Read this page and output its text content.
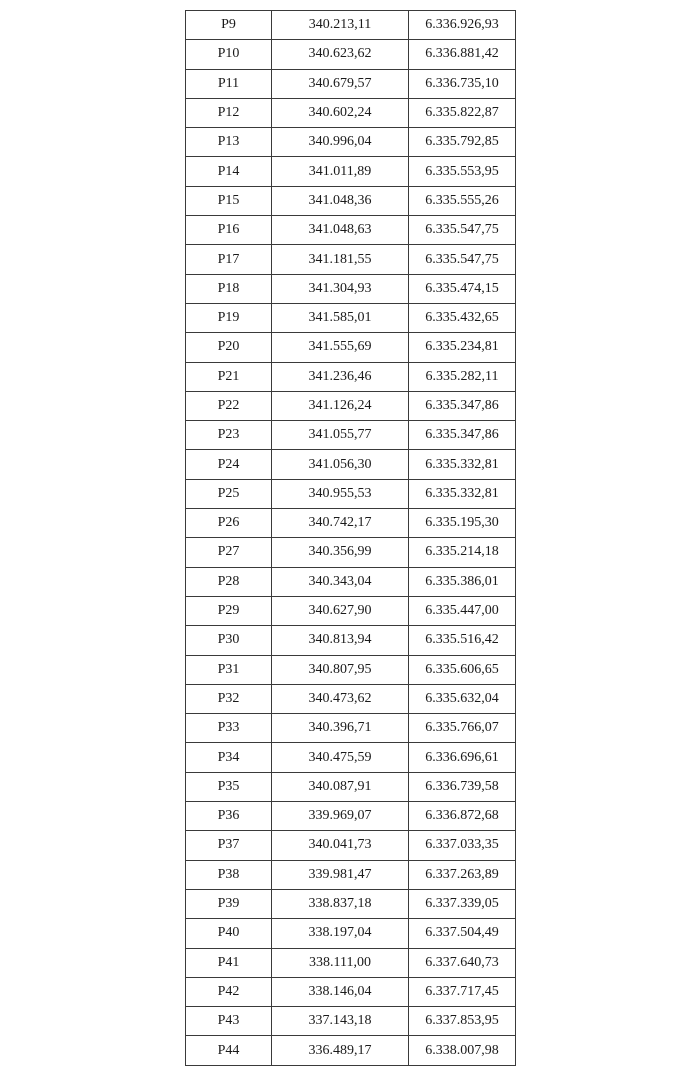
P9	340.213,11	6.336.926,93
P10	340.623,62	6.336.881,42
P11	340.679,57	6.336.735,10
P12	340.602,24	6.335.822,87
P13	340.996,04	6.335.792,85
P14	341.011,89	6.335.553,95
P15	341.048,36	6.335.555,26
P16	341.048,63	6.335.547,75
P17	341.181,55	6.335.547,75
P18	341.304,93	6.335.474,15
P19	341.585,01	6.335.432,65
P20	341.555,69	6.335.234,81
P21	341.236,46	6.335.282,11
P22	341.126,24	6.335.347,86
P23	341.055,77	6.335.347,86
P24	341.056,30	6.335.332,81
P25	340.955,53	6.335.332,81
P26	340.742,17	6.335.195,30
P27	340.356,99	6.335.214,18
P28	340.343,04	6.335.386,01
P29	340.627,90	6.335.447,00
P30	340.813,94	6.335.516,42
P31	340.807,95	6.335.606,65
P32	340.473,62	6.335.632,04
P33	340.396,71	6.335.766,07
P34	340.475,59	6.336.696,61
P35	340.087,91	6.336.739,58
P36	339.969,07	6.336.872,68
P37	340.041,73	6.337.033,35
P38	339.981,47	6.337.263,89
P39	338.837,18	6.337.339,05
P40	338.197,04	6.337.504,49
P41	338.111,00	6.337.640,73
P42	338.146,04	6.337.717,45
P43	337.143,18	6.337.853,95
P44	336.489,17	6.338.007,98
